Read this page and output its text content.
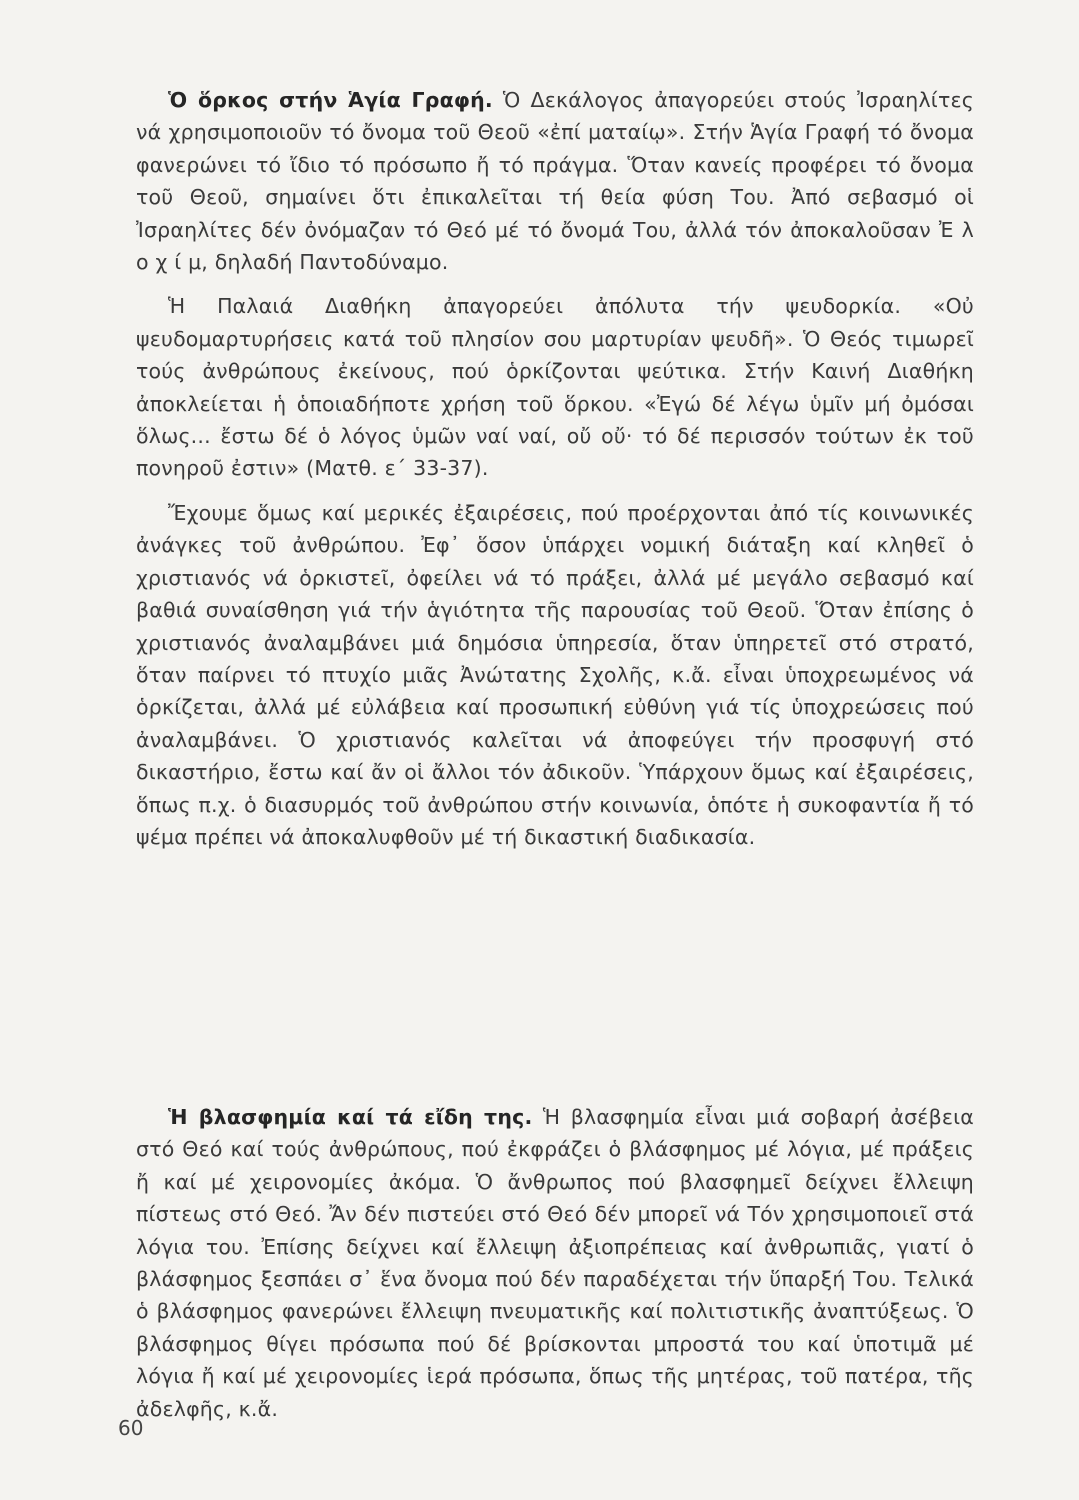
Ὁ ὅρκος στήν Ἁγία Γραφή. Ὁ Δεκάλογος ἀπαγορεύει στούς Ἰσραηλίτες νά χρησιμοποιοῦν τό ὄνομα τοῦ Θεοῦ «ἐπί ματαίῳ». Στήν Ἁγία Γραφή τό ὄνομα φανερώνει τό ἴδιο τό πρόσωπο ἤ τό πράγμα. Ὅταν κανείς προφέρει τό ὄνομα τοῦ Θεοῦ, σημαίνει ὅτι ἐπικαλεῖται τή θεία φύση Του. Ἀπό σεβασμό οἱ Ἰσραηλίτες δέν ὀνόμαζαν τό Θεό μέ τό ὄνομά Του, ἀλλά τόν ἀποκαλοῦσαν Ἐ λ ο χ ί μ, δηλαδή Παντοδύναμο.

Ἡ Παλαιά Διαθήκη ἀπαγορεύει ἀπόλυτα τήν ψευδορκία. «Οὐ ψευδομαρτυρήσεις κατά τοῦ πλησίον σου μαρτυρίαν ψευδῆ». Ὁ Θεός τιμωρεῖ τούς ἀνθρώπους ἐκείνους, πού ὁρκίζονται ψεύτικα. Στήν Καινή Διαθήκη ἀποκλείεται ἡ ὁποιαδήποτε χρήση τοῦ ὅρκου. «Ἐγώ δέ λέγω ὑμῖν μή ὀμόσαι ὅλως... ἔστω δέ ὁ λόγος ὑμῶν ναί ναί, οὔ οὔ· τό δέ περισσόν τούτων ἐκ τοῦ πονηροῦ ἐστιν» (Ματθ. ε΄ 33-37).

Ἔχουμε ὅμως καί μερικές ἐξαιρέσεις, πού προέρχονται ἀπό τίς κοινωνικές ἀνάγκες τοῦ ἀνθρώπου. Ἐφ᾽ ὅσον ὑπάρχει νομική διάταξη καί κληθεῖ ὁ χριστιανός νά ὁρκιστεῖ, ὀφείλει νά τό πράξει, ἀλλά μέ μεγάλο σεβασμό καί βαθιά συναίσθηση γιά τήν ἁγιότητα τῆς παρουσίας τοῦ Θεοῦ. Ὅταν ἐπίσης ὁ χριστιανός ἀναλαμβάνει μιά δημόσια ὑπηρεσία, ὅταν ὑπηρετεῖ στό στρατό, ὅταν παίρνει τό πτυχίο μιᾶς Ἀνώτατης Σχολῆς, κ.ἄ. εἶναι ὑποχρεωμένος νά ὁρκίζεται, ἀλλά μέ εὐλάβεια καί προσωπική εὐθύνη γιά τίς ὑποχρεώσεις πού ἀναλαμβάνει. Ὁ χριστιανός καλεῖται νά ἀποφεύγει τήν προσφυγή στό δικαστήριο, ἔστω καί ἄν οἱ ἄλλοι τόν ἀδικοῦν. Ὑπάρχουν ὅμως καί ἐξαιρέσεις, ὅπως π.χ. ὁ διασυρμός τοῦ ἀνθρώπου στήν κοινωνία, ὁπότε ἡ συκοφαντία ἤ τό ψέμα πρέπει νά ἀποκαλυφθοῦν μέ τή δικαστική διαδικασία.

Ἡ βλασφημία καί τά εἴδη της. Ἡ βλασφημία εἶναι μιά σοβαρή ἀσέβεια στό Θεό καί τούς ἀνθρώπους, πού ἐκφράζει ὁ βλάσφημος μέ λόγια, μέ πράξεις ἤ καί μέ χειρονομίες ἀκόμα. Ὁ ἄνθρωπος πού βλασφημεῖ δείχνει ἔλλειψη πίστεως στό Θεό. Ἄν δέν πιστεύει στό Θεό δέν μπορεῖ νά Τόν χρησιμοποιεῖ στά λόγια του. Ἐπίσης δείχνει καί ἔλλειψη ἀξιοπρέπειας καί ἀνθρωπιᾶς, γιατί ὁ βλάσφημος ξεσπάει σ᾽ ἕνα ὄνομα πού δέν παραδέχεται τήν ὕπαρξή Του. Τελικά ὁ βλάσφημος φανερώνει ἔλλειψη πνευματικῆς καί πολιτιστικῆς ἀναπτύξεως. Ὁ βλάσφημος θίγει πρόσωπα πού δέ βρίσκονται μπροστά του καί ὑποτιμᾶ μέ λόγια ἤ καί μέ χειρονομίες ἱερά πρόσωπα, ὅπως τῆς μητέρας, τοῦ πατέρα, τῆς ἀδελφῆς, κ.ἄ.

60
